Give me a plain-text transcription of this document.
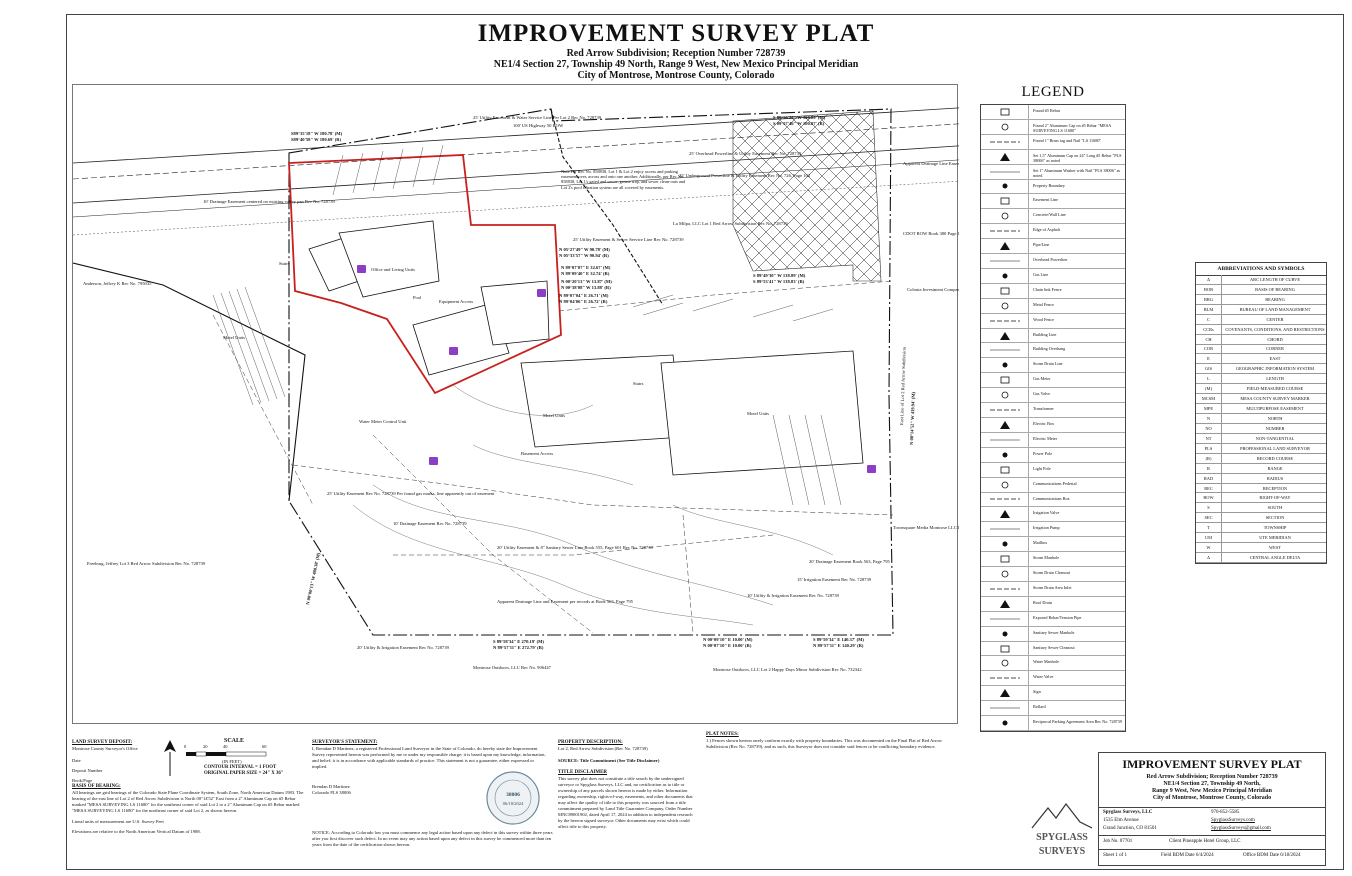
IMPROVEMENT SURVEY PLAT
Red Arrow Subdivision; Reception Number 728739
NE1/4 Section 27, Township 49 North, Range 9 West, New Mexico Principal Meridian
City of Montrose, Montrose County, Colorado
100' US Highway 50 ROW
25' Utility Easement & Water Service Line Per Lot 2 Rec No. 728739
S89°35'18" W 180.78' (M)
S89°40'58" W 180.69' (R)
S 89°50'58" W 100.09' (M)
S 89°57'46" W 100.07' (R)
25' Overhead Powerline & Utility Easement Rec No. 728739
25' Underground Powerline & Utility Easement Rec No. 726, Page 102
La Milpa, LLC Lot 1 Red Arrow Subdivision Rec No. 728739
Apparent Drainage Line Ease
CDOT ROW Book 380 Page 162
10' Drainage Easement centered on existing valley pan Rec No. 728739
Anderson, Jeffrey K Rec No. 795035
Office and Living Units
Stairs
Pool
Equipment Access
25' Utility Easement & Sewer Service Line Rec No. 728739
N 05°27'49" W 90.78' (M)
N 05°33'57" W 90.94' (R)
N 89°07'07" E 32.67' (M)
N 89°09'40" E 32.74' (R)
N 00°20'13" W 13.87' (M)
N 00°38'08" W 13.88' (R)
N 89°07'04" E 26.71' (M)
N 89°04'06" E 26.72' (R)
S 89°49'30" W 138.89' (M)
S 89°53'41" W 138.83' (R)
Motel Units
Motel Units	Motel Units
Colonia Investment Compa
Water Meter Control Unit
Stairs
Basement Access
25' Utility Easement Rec No. 728739 Per found gas marks, line apparently out of easement
10' Drainage Easement Rec No. 728739
20' Utility Easement & 8" Sanitary Sewer Line Book 555, Page 601 Rec No. 728739
Freeburg, Jeffrey Lot 3 Red Arrow Subdivision Rec No. 728739
Townsquare Media Montrose LLC
20' Drainage Easement Book 563, Page 795
15' Irrigation Easement Rec No. 728739
10' Utility & Irrigation Easement Rec No. 728739
Apparent Drainage Line and Easement per records at Book 563, Page 795
20' Utility & Irrigation Easement Rec No. 728739
Montrose Outdoors, LLC Rec No. 906447	Montrose Outdoors, LLC Lot 2 Happy Days Minor Subdivision Rec No. 732342
S 89°58'34" E 270.19' (M)
N 89°57'11" E 272.79' (R)
N 00°09'10" E 10.00' (M)
N 00°07'10" E 10.00' (R)
S 89°59'34" E 140.37' (M)
N 89°57'11" E 140.29' (R)
N 00°00'13" W 480.38' (M)
N 00°14'52" W 439.94' (M)
East Line of Lot 2 Red Arrow Subdivision
Note Per Rec No. 858838, Lot 1 & Lot 2 enjoy access and parking easement over, across and onto one another. Additionally, per Rec No. 858838, Lot 1's gated and sewer, grease trap, and sewer clean-outs and Lot 2's pool filtration system are all covered by easements.
LEGEND
Found #5 Rebar
Found 2" Aluminum Cap on #5 Rebar "MESA SURVEYING LS 11680"
Found 1" Brass tag and Nail "LS 11680"
Set 1.5" Aluminum Cap on 24" Long #5 Rebar "PLS 38006" as noted
Set 1" Aluminum Washer with Nail "PLS 38006" as noted
Property Boundary
Easement Line
Concrete/Wall Line
Edge of Asphalt
Pipe/Line
Overhead Powerline
Gas Line
Chain link Fence
Metal Fence
Wood Fence
Building Line
Building Overhang
Storm Drain Line
Gas Meter
Gas Valve
Transformer
Electric Box
Electric Meter
Power Pole
Light Pole
Communications Pedestal
Communications Box
Irrigation Valve
Irrigation Pump
Mailbox
Storm Manhole
Storm Drain Cleanout
Storm Drain Area Inlet
Roof Drain
Exposed Rebar/Tension Pipe
Sanitary Sewer Manhole
Sanitary Sewer Cleanout
Water Manhole
Water Valve
Sign
Bollard
Reciprocal Parking Agreement Area Rec No. 728739
ABBREVIATIONS AND SYMBOLS
Δ	ARC LENGTH OF CURVE
BOB	BASIS OF BEARING
BRG	BEARING
BLM	BUREAU OF LAND MANAGEMENT
C	CENTER
CCRs	COVENANTS, CONDITIONS, AND RESTRICTIONS
CH	CHORD
COR	CORNER
E	EAST
GIS	GEOGRAPHIC INFORMATION SYSTEM
L	LENGTH
(M)	FIELD-MEASURED COURSE
MCSM	MESA COUNTY SURVEY MARKER
MPE	MULTIPURPOSE EASEMENT
N	NORTH
NO	NUMBER
NT	NON-TANGENTIAL
PLS	PROFESSIONAL LAND SURVEYOR
(R)	RECORD COURSE
R	RANGE
RAD	RADIUS
REC	RECEPTION
ROW	RIGHT-OF-WAY
S	SOUTH
SEC	SECTION
T	TOWNSHIP
UM	UTE MERIDIAN
W	WEST
Δ	CENTRAL ANGLE DELTA
LAND SURVEY DEPOSIT:
Montrose County Surveyor's Office
Date
Deposit Number
Book/Page
BASIS OF BEARING:
All bearings are grid bearings of the Colorado State Plane Coordinate System, South Zone, North American Datum 1983. The bearing of the east line of Lot 2 of Red Arrow Subdivision is North 00°14'52" East from a 2" Aluminum Cap on #5 Rebar marked "MESA SURVEYING LS 11680" for the southeast corner of said Lot 2 to a 2" Aluminum Cap on #5 Rebar marked "MESA SURVEYING LS 11680" for the northeast corner of said Lot 2, as shown hereon.
Lineal units of measurement are U.S. Survey Feet
Elevations are relative to the North American Vertical Datum of 1988.
SCALE
0	20	40	60
(IN FEET)
CONTOUR INTERVAL = 1 FOOT
ORIGINAL PAPER SIZE = 24" X 36"
SURVEYOR'S STATEMENT:
I, Brendan D Martinez, a registered Professional Land Surveyor in the State of Colorado, do hereby state the Improvement Survey represented hereon was performed by me or under my responsible charge; it is based upon my knowledge, information, and belief; it is in accordance with applicable standards of practice. This statement is not a guarantee, either expressed or implied.
Brendan D Martinez
Colorado PLS 38006
NOTICE: According to Colorado law you must commence any legal action based upon any defect in this survey within three years after you first discover such defect. In no event may any action based upon any defect in this survey be commenced more than ten years from the date of the certification shown hereon.
38006
06/18/2024
PROPERTY DESCRIPTION:
Lot 2, Red Arrow Subdivision (Rec No. 728739)
SOURCE: Title Commitment (See Title Disclaimer)
TITLE DISCLAIMER
This survey plat does not constitute a title search by the undersigned surveyor or Spyglass Surveys, LLC and, no certification as to title or ownership of any parcels shown hereon is made by either. Information regarding ownership, rights-of-way, easements, and other documents that may affect the quality of title to this property was sourced from a title commitment prepared by Land Title Guarantee Company, Order Number MNC89001902, dated April 17, 2024 in addition to independent research by the hereon signed surveyor. Other documents may exist which could affect title to this property.
PLAT NOTES:
1.) Fences shown hereon rarely conform exactly with property boundaries. This was documented on the Final Plat of Red Arrow Subdivision (Rec No. 728739), and as such, this Surveyor does not consider said fences to be conflicting boundary evidence.
SPYGLASS
SURVEYS
IMPROVEMENT SURVEY PLAT
Red Arrow Subdivision; Reception Number 728739
NE1/4 Section 27, Township 49 North,
Range 9 West, New Mexico Principal Meridian
City of Montrose, Montrose County, Colorado
Spyglass Surveys, LLC
1535 Elm Avenue
Grand Junction, CO 81501
970-852-5585
SpyglassSurveys.com
SpyglassSurveys@gmail.com
Job No. 07701	Client Pineapple Hotel Group, LLC
Sheet 1 of 1	Field BDM Date 6/4/2024	Office BDM Date 6/18/2024
